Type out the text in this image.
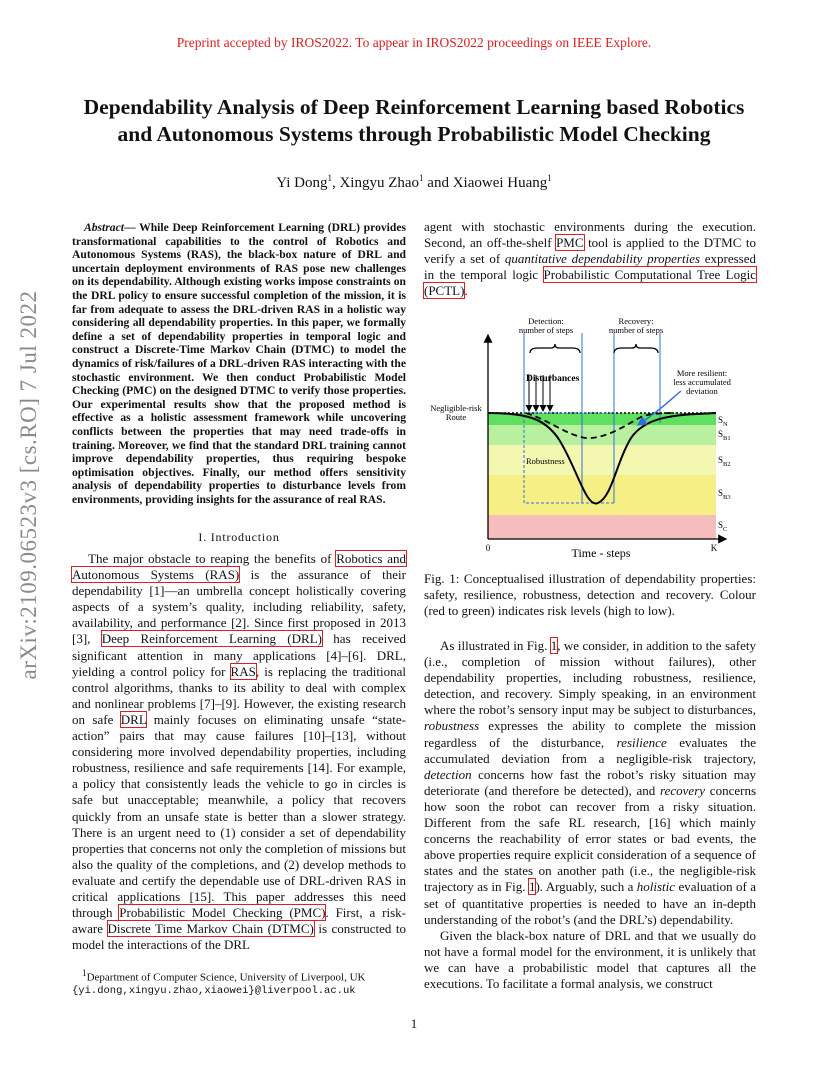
Preprint accepted by IROS2022. To appear in IROS2022 proceedings on IEEE Explore.
Dependability Analysis of Deep Reinforcement Learning based Robotics
and Autonomous Systems through Probabilistic Model Checking
Yi Dong$^1$, Xingyu Zhao$^1$ and Xiaowei Huang$^1$
arXiv:2109.06523v3 [cs.RO] 7 Jul 2022

Abstract— While Deep Reinforcement Learning (DRL) provides transformational capabilities to the control of Robotics and Autonomous Systems (RAS), the black-box nature of DRL and uncertain deployment environments of RAS pose new challenges on its dependability. Although existing works impose constraints on the DRL policy to ensure successful completion of the mission, it is far from adequate to assess the DRL-driven RAS in a holistic way considering all dependability properties. In this paper, we formally define a set of dependability properties in temporal logic and construct a Discrete-Time Markov Chain (DTMC) to model the dynamics of risk/failures of a DRL-driven RAS interacting with the stochastic environment. We then conduct Probabilistic Model Checking (PMC) on the designed DTMC to verify those properties. Our experimental results show that the proposed method is effective as a holistic assessment framework while uncovering conflicts between the properties that may need trade-offs in training. Moreover, we find that the standard DRL training cannot improve dependability properties, thus requiring bespoke optimisation objectives. Finally, our method offers sensitivity analysis of dependability properties to disturbance levels from environments, providing insights for the assurance of real RAS.

I. Introduction

The major obstacle to reaping the benefits of Robotics and Autonomous Systems (RAS) is the assurance of their dependability [1]—an umbrella concept holistically covering aspects of a system’s quality, including reliability, safety, availability, and performance [2]. Since first proposed in 2013 [3], Deep Reinforcement Learning (DRL) has received significant attention in many applications [4]–[6]. DRL, yielding a control policy for RAS, is replacing the traditional control algorithms, thanks to its ability to deal with complex and nonlinear problems [7]–[9]. However, the existing research on safe DRL mainly focuses on eliminating unsafe “state-action” pairs that may cause failures [10]–[13], without considering more involved dependability properties, including robustness, resilience and safe requirements [14]. For example, a policy that consistently leads the vehicle to go in circles is safe but unacceptable; meanwhile, a policy that recovers quickly from an unsafe state is better than a slower strategy. There is an urgent need to (1) consider a set of dependability properties that concerns not only the completion of missions but also the quality of the completions, and (2) develop methods to evaluate and certify the dependable use of DRL-driven RAS in critical applications [15]. This paper addresses this need through Probabilistic Model Checking (PMC). First, a risk-aware Discrete Time Markov Chain (DTMC) is constructed to model the interactions of the DRL

$^1$Department of Computer Science, University of Liverpool, UK
{yi.dong,xingyu.zhao,xiaowei}@liverpool.ac.uk

agent with stochastic environments during the execution. Second, an off-the-shelf PMC tool is applied to the DTMC to verify a set of quantitative dependability properties expressed in the temporal logic Probabilistic Computational Tree Logic (PCTL).

Detection:
number of steps
Recovery:
number of steps
Disturbances
More resilient:
less accumulated
deviation
Negligible-risk
Route
Robustness
$S_N$
$S_{B1}$
$S_{B2}$
$S_{B3}$
$S_C$
0	Time - steps	K
Fig. 1: Conceptualised illustration of dependability properties: safety, resilience, robustness, detection and recovery. Colour (red to green) indicates risk levels (high to low).

As illustrated in Fig. 1, we consider, in addition to the safety (i.e., completion of mission without failures), other dependability properties, including robustness, resilience, detection, and recovery. Simply speaking, in an environment where the robot’s sensory input may be subject to disturbances, robustness expresses the ability to complete the mission regardless of the disturbance, resilience evaluates the accumulated deviation from a negligible-risk trajectory, detection concerns how fast the robot’s risky situation may deteriorate (and therefore be detected), and recovery concerns how soon the robot can recover from a risky situation. Different from the safe RL research, [16] which mainly concerns the reachability of error states or bad events, the above properties require explicit consideration of a sequence of states and the states on another path (i.e., the negligible-risk trajectory as in Fig. 1). Arguably, such a holistic evaluation of a set of quantitative properties is needed to have an in-depth understanding of the robot’s (and the DRL’s) dependability.

Given the black-box nature of DRL and that we usually do not have a formal model for the environment, it is unlikely that we can have a probabilistic model that captures all the executions. To facilitate a formal analysis, we construct

1
